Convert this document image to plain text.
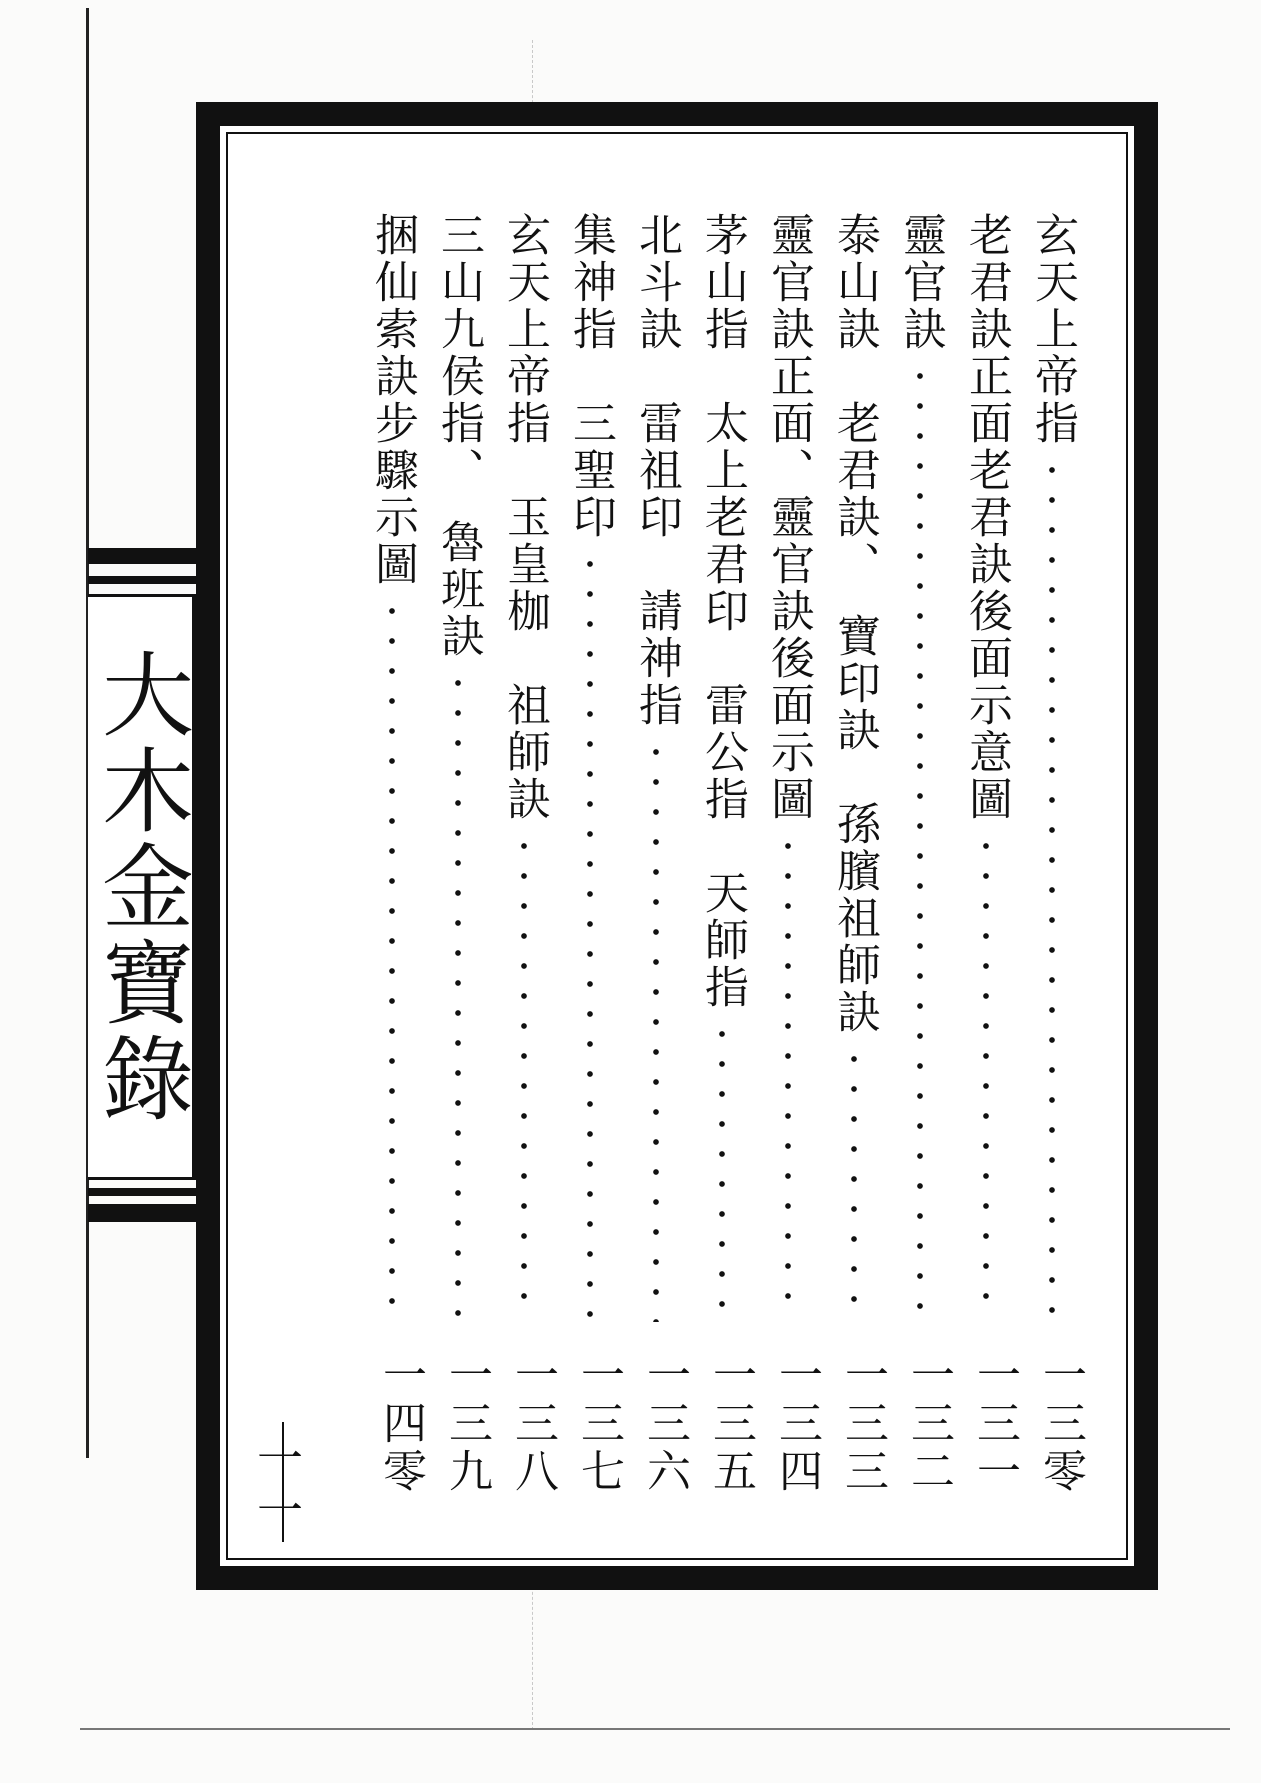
大木金寶錄
玄天上帝指
一三零
老君訣正面老君訣後面示意圖
一三一
靈官訣
一三二
泰山訣　老君訣、　寶印訣　孫臏祖師訣
一三三
靈官訣正面、靈官訣後面示圖
一三四
茅山指　太上老君印　雷公指　天師指
一三五
北斗訣　雷祖印　請神指
一三六
集神指　三聖印
一三七
玄天上帝指　玉皇枷　祖師訣
一三八
三山九侯指、　魯班訣
一三九
捆仙索訣步驟示圖
一四零
一一
